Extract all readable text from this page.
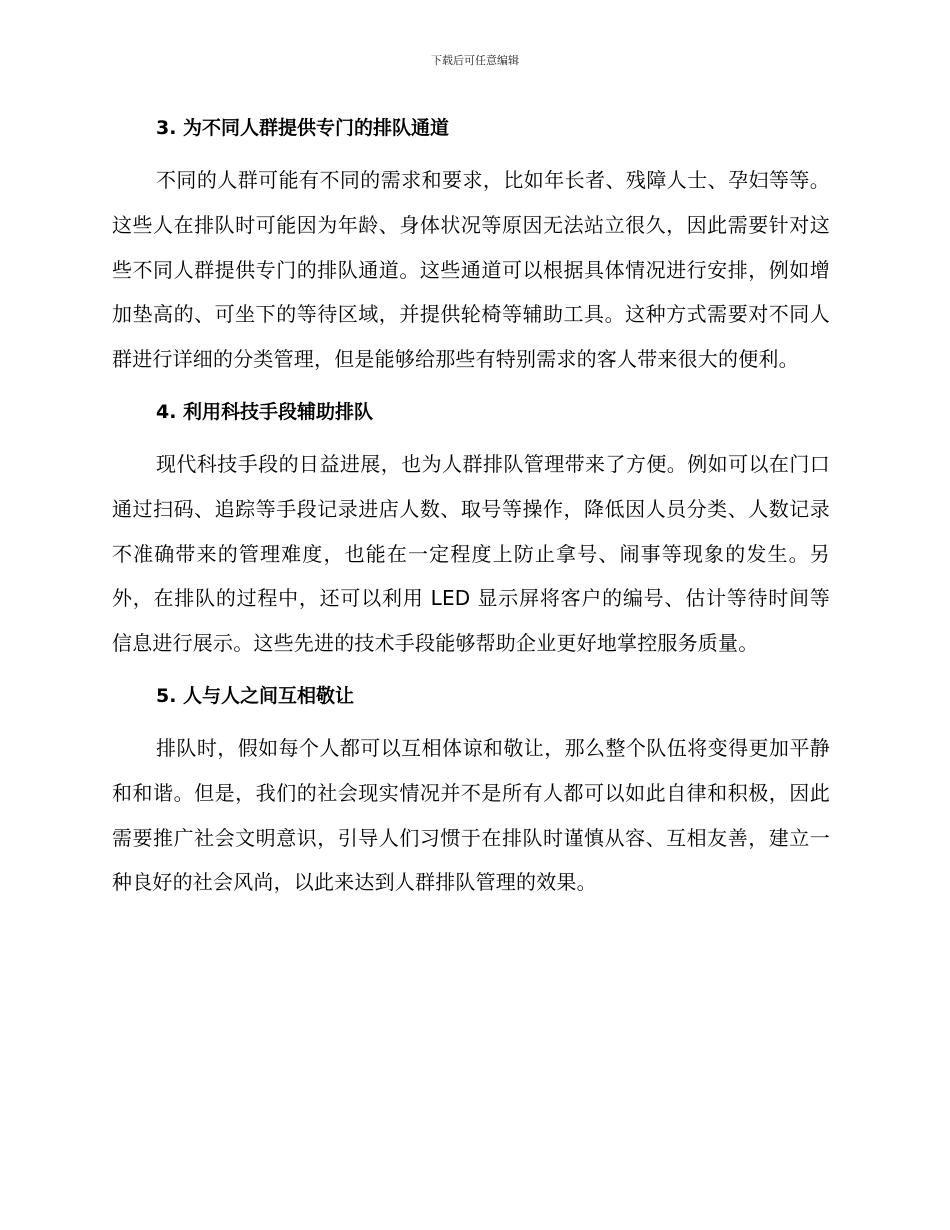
下载后可任意编辑
3. 为不同人群提供专门的排队通道

不同的人群可能有不同的需求和要求，比如年长者、残障人士、孕妇等等。这些人在排队时可能因为年龄、身体状况等原因无法站立很久，因此需要针对这些不同人群提供专门的排队通道。这些通道可以根据具体情况进行安排，例如增加垫高的、可坐下的等待区域，并提供轮椅等辅助工具。这种方式需要对不同人群进行详细的分类管理，但是能够给那些有特别需求的客人带来很大的便利。

4. 利用科技手段辅助排队

现代科技手段的日益进展，也为人群排队管理带来了方便。例如可以在门口通过扫码、追踪等手段记录进店人数、取号等操作，降低因人员分类、人数记录不准确带来的管理难度，也能在一定程度上防止拿号、闹事等现象的发生。另外，在排队的过程中，还可以利用 LED 显示屏将客户的编号、估计等待时间等信息进行展示。这些先进的技术手段能够帮助企业更好地掌控服务质量。

5. 人与人之间互相敬让

排队时，假如每个人都可以互相体谅和敬让，那么整个队伍将变得更加平静和和谐。但是，我们的社会现实情况并不是所有人都可以如此自律和积极，因此需要推广社会文明意识，引导人们习惯于在排队时谨慎从容、互相友善，建立一种良好的社会风尚，以此来达到人群排队管理的效果。
